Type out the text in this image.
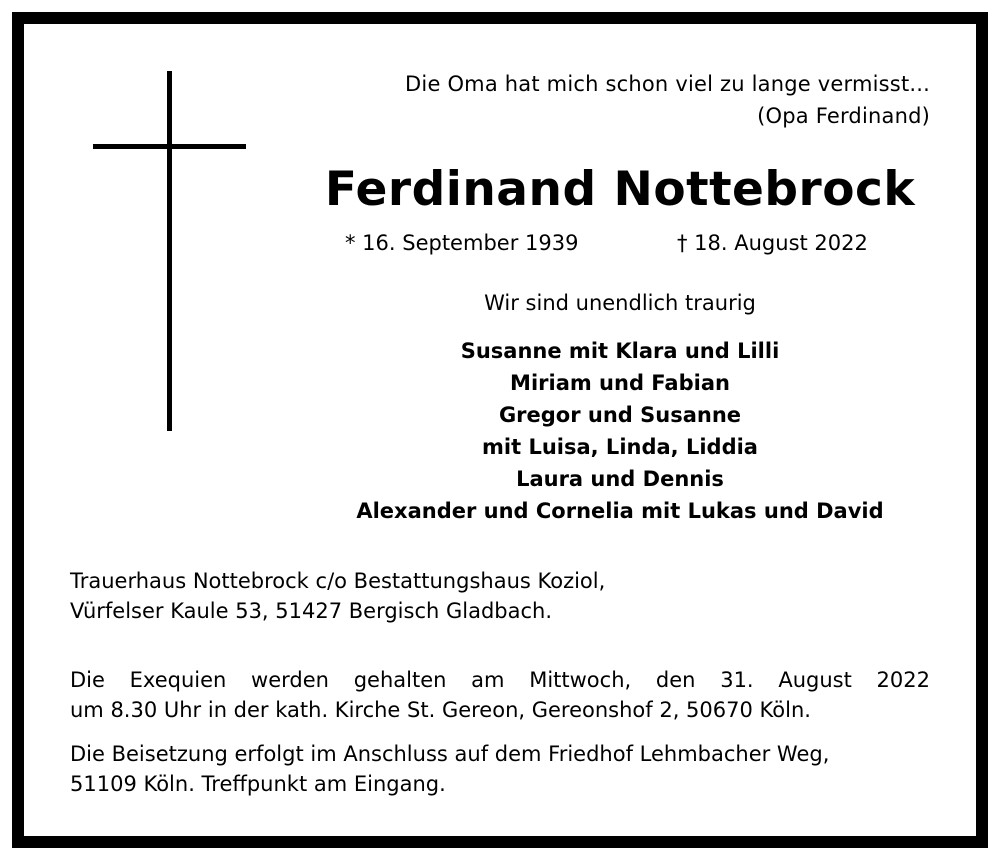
Die Oma hat mich schon viel zu lange vermisst...
(Opa Ferdinand)
Ferdinand Nottebrock
* 16. September 1939	† 18. August 2022
Wir sind unendlich traurig
Susanne mit Klara und Lilli
Miriam und Fabian
Gregor und Susanne
mit Luisa, Linda, Liddia
Laura und Dennis
Alexander und Cornelia mit Lukas und David
Trauerhaus Nottebrock c/o Bestattungshaus Koziol,
Vürfelser Kaule 53, 51427 Bergisch Gladbach.
Die Exequien werden gehalten am Mittwoch, den 31. August 2022
um 8.30 Uhr in der kath. Kirche St. Gereon, Gereonshof 2, 50670 Köln.
Die Beisetzung erfolgt im Anschluss auf dem Friedhof Lehmbacher Weg,
51109 Köln. Treffpunkt am Eingang.
